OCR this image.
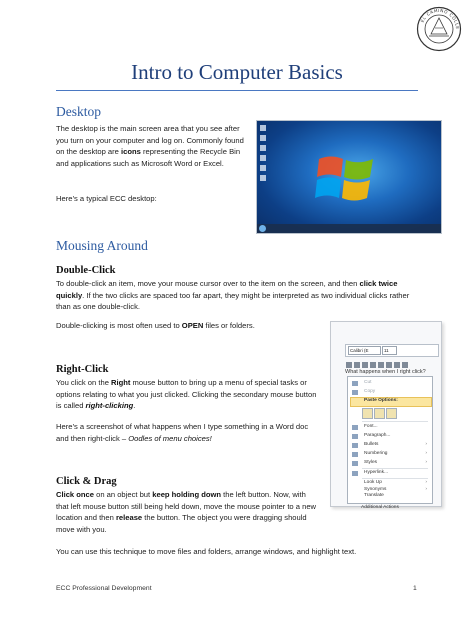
EL CAMINO COLLE
Intro to Computer Basics
Desktop
The desktop is the main screen area that you see after you turn on your computer and log on. Commonly found on the desktop are icons representing the Recycle Bin and applications such as Microsoft Word or Excel.
Here’s a typical ECC desktop:
Mousing Around
Double-Click
To double-click an item, move your mouse cursor over to the item on the screen, and then click twice quickly. If the two clicks are spaced too far apart, they might be interpreted as two individual clicks rather than as one double-click.
Double-clicking is most often used to OPEN files or folders.
Right-Click
You click on the Right mouse button to bring up a menu of special tasks or options relating to what you just clicked. Clicking the secondary mouse button is called right-clicking.
Here’s a screenshot of what happens when I type something in a Word doc and then right-click – Oodles of menu choices!
Click & Drag
Click once on an object but keep holding down the left button. Now, with that left mouse button still being held down, move the mouse pointer to a new location and then release the button. The object you were dragging should move with you.
You can use this technique to move files and folders, arrange windows, and highlight text.
Calibri (E	11
What happens when I right click?
Cut
Copy
Paste Options:
Font...
Paragraph...
Bullets	›
Numbering	›
Styles	›
Hyperlink...
Look Up	›
Synonyms	›
Translate
Additional Actions
ECC Professional Development	1
